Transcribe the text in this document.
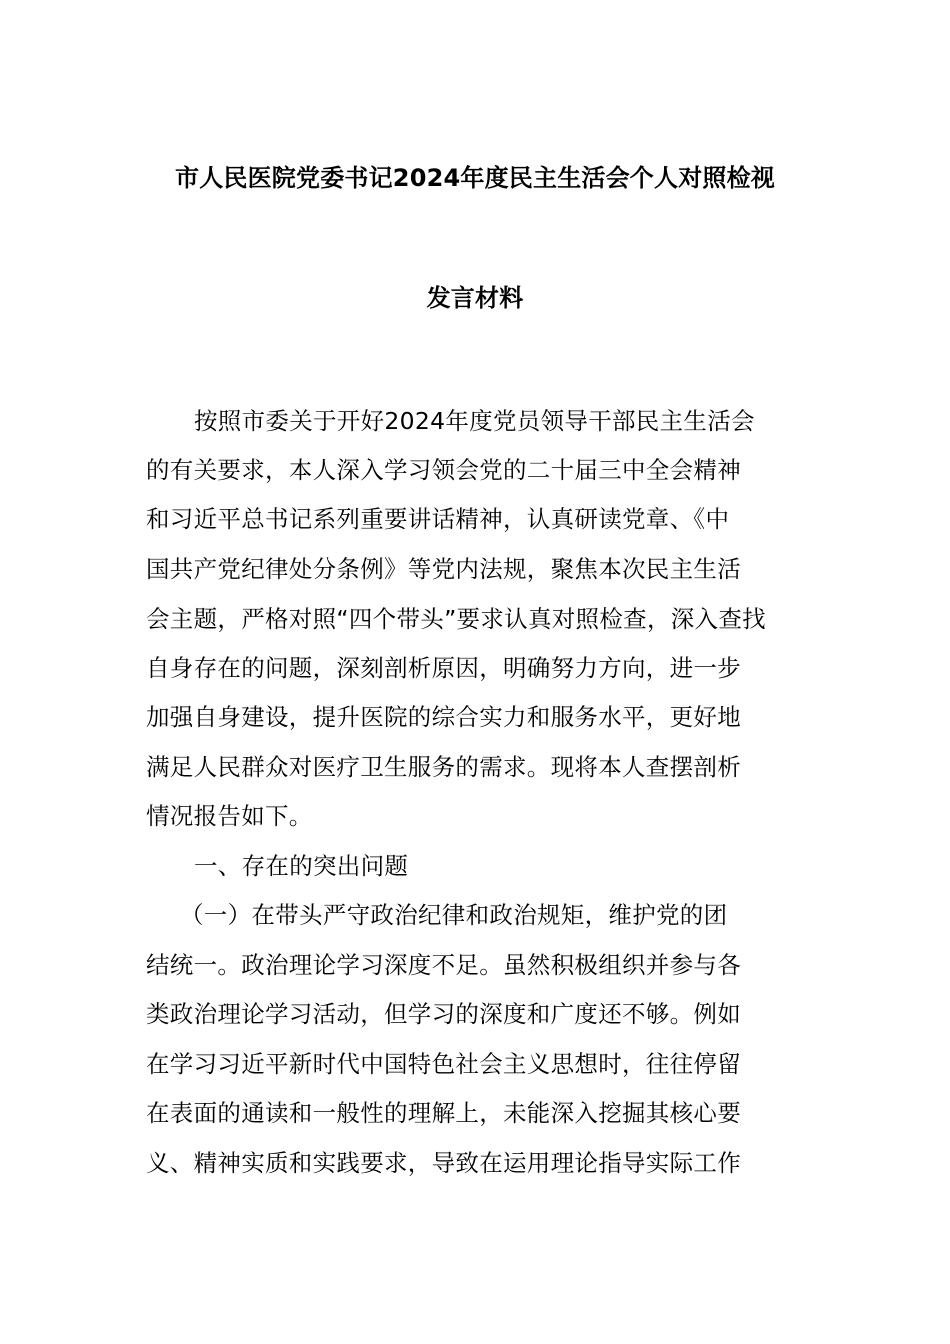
市人民医院党委书记2024年度民主生活会个人对照检视
发言材料
按照市委关于开好2024年度党员领导干部民主生活会
的有关要求，本人深入学习领会党的二十届三中全会精神
和习近平总书记系列重要讲话精神，认真研读党章、《中
国共产党纪律处分条例》等党内法规，聚焦本次民主生活
会主题，严格对照“四个带头”要求认真对照检查，深入查找
自身存在的问题，深刻剖析原因，明确努力方向，进一步
加强自身建设，提升医院的综合实力和服务水平，更好地
满足人民群众对医疗卫生服务的需求。现将本人查摆剖析
情况报告如下。
一、存在的突出问题
（一）在带头严守政治纪律和政治规矩，维护党的团
结统一。政治理论学习深度不足。虽然积极组织并参与各
类政治理论学习活动，但学习的深度和广度还不够。例如
在学习习近平新时代中国特色社会主义思想时，往往停留
在表面的通读和一般性的理解上，未能深入挖掘其核心要
义、精神实质和实践要求，导致在运用理论指导实际工作
